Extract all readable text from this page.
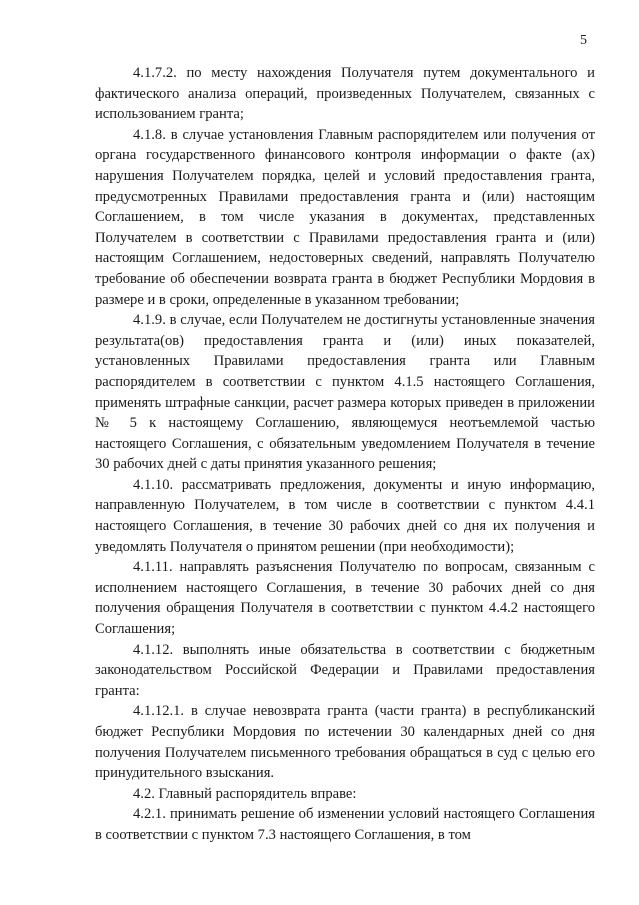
5

4.1.7.2. по месту нахождения Получателя путем документального и фактического анализа операций, произведенных Получателем, связанных с использованием гранта;

4.1.8. в случае установления Главным распорядителем или получения от органа государственного финансового контроля информации о факте (ах) нарушения Получателем порядка, целей и условий предоставления гранта, предусмотренных Правилами предоставления гранта и (или) настоящим Соглашением, в том числе указания в документах, представленных Получателем в соответствии с Правилами предоставления гранта и (или) настоящим Соглашением, недостоверных сведений, направлять Получателю требование об обеспечении возврата гранта в бюджет Республики Мордовия в размере и в сроки, определенные в указанном требовании;

4.1.9. в случае, если Получателем не достигнуты установленные значения результата(ов) предоставления гранта и (или) иных показателей, установленных Правилами предоставления гранта или Главным распорядителем в соответствии с пунктом 4.1.5 настоящего Соглашения, применять штрафные санкции, расчет размера которых приведен в приложении № 5 к настоящему Соглашению, являющемуся неотъемлемой частью настоящего Соглашения, с обязательным уведомлением Получателя в течение 30 рабочих дней с даты принятия указанного решения;

4.1.10. рассматривать предложения, документы и иную информацию, направленную Получателем, в том числе в соответствии с пунктом 4.4.1 настоящего Соглашения, в течение 30 рабочих дней со дня их получения и уведомлять Получателя о принятом решении (при необходимости);

4.1.11. направлять разъяснения Получателю по вопросам, связанным с исполнением настоящего Соглашения, в течение 30 рабочих дней со дня получения обращения Получателя в соответствии с пунктом 4.4.2 настоящего Соглашения;

4.1.12. выполнять иные обязательства в соответствии с бюджетным законодательством Российской Федерации и Правилами предоставления гранта:

4.1.12.1. в случае невозврата гранта (части гранта) в республиканский бюджет Республики Мордовия по истечении 30 календарных дней со дня получения Получателем письменного требования обращаться в суд с целью его принудительного взыскания.

4.2. Главный распорядитель вправе:

4.2.1. принимать решение об изменении условий настоящего Соглашения в соответствии с пунктом 7.3 настоящего Соглашения, в том
